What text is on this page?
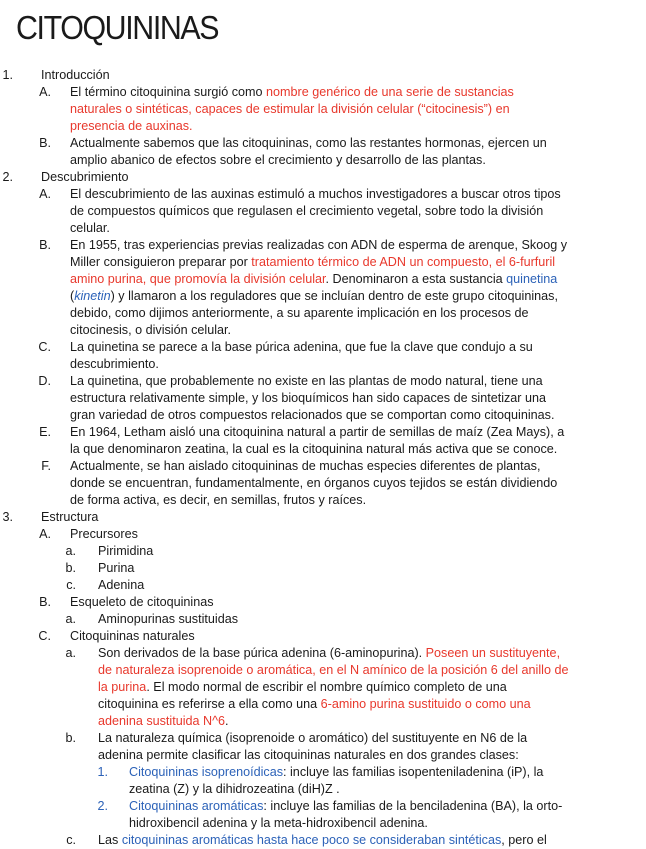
CITOQUININAS
1. Introducción
A. El término citoquinina surgió como nombre genérico de una serie de sustancias
naturales o sintéticas, capaces de estimular la división celular (“citocinesis”) en
presencia de auxinas.
B. Actualmente sabemos que las citoquininas, como las restantes hormonas, ejercen un
amplio abanico de efectos sobre el crecimiento y desarrollo de las plantas.
2. Descubrimiento
A. El descubrimiento de las auxinas estimuló a muchos investigadores a buscar otros tipos
de compuestos químicos que regulasen el crecimiento vegetal, sobre todo la división
celular.
B. En 1955, tras experiencias previas realizadas con ADN de esperma de arenque, Skoog y
Miller consiguieron preparar por tratamiento térmico de ADN un compuesto, el 6-furfuril
amino purina, que promovía la división celular. Denominaron a esta sustancia quinetina
(kinetin) y llamaron a los reguladores que se incluían dentro de este grupo citoquininas,
debido, como dijimos anteriormente, a su aparente implicación en los procesos de
citocinesis, o división celular.
C. La quinetina se parece a la base púrica adenina, que fue la clave que condujo a su
descubrimiento.
D. La quinetina, que probablemente no existe en las plantas de modo natural, tiene una
estructura relativamente simple, y los bioquímicos han sido capaces de sintetizar una
gran variedad de otros compuestos relacionados que se comportan como citoquininas.
E. En 1964, Letham aisló una citoquinina natural a partir de semillas de maíz (Zea Mays), a
la que denominaron zeatina, la cual es la citoquinina natural más activa que se conoce.
F. Actualmente, se han aislado citoquininas de muchas especies diferentes de plantas,
donde se encuentran, fundamentalmente, en órganos cuyos tejidos se están dividiendo
de forma activa, es decir, en semillas, frutos y raíces.
3. Estructura
A. Precursores
a. Pirimidina
b. Purina
c. Adenina
B. Esqueleto de citoquininas
a. Aminopurinas sustituidas
C. Citoquininas naturales
a. Son derivados de la base púrica adenina (6-aminopurina). Poseen un sustituyente,
de naturaleza isoprenoide o aromática, en el N amínico de la posición 6 del anillo de
la purina. El modo normal de escribir el nombre químico completo de una
citoquinina es referirse a ella como una 6-amino purina sustituido o como una
adenina sustituida N^6.
b. La naturaleza química (isoprenoide o aromático) del sustituyente en N6 de la
adenina permite clasificar las citoquininas naturales en dos grandes clases:
1. Citoquininas isoprenoídicas: incluye las familias isopenteniladenina (iP), la
zeatina (Z) y la dihidrozeatina (diH)Z .
2. Citoquininas aromáticas: incluye las familias de la benciladenina (BA), la orto-
hidroxibencil adenina y la meta-hidroxibencil adenina.
c. Las citoquininas aromáticas hasta hace poco se consideraban sintéticas, pero el
